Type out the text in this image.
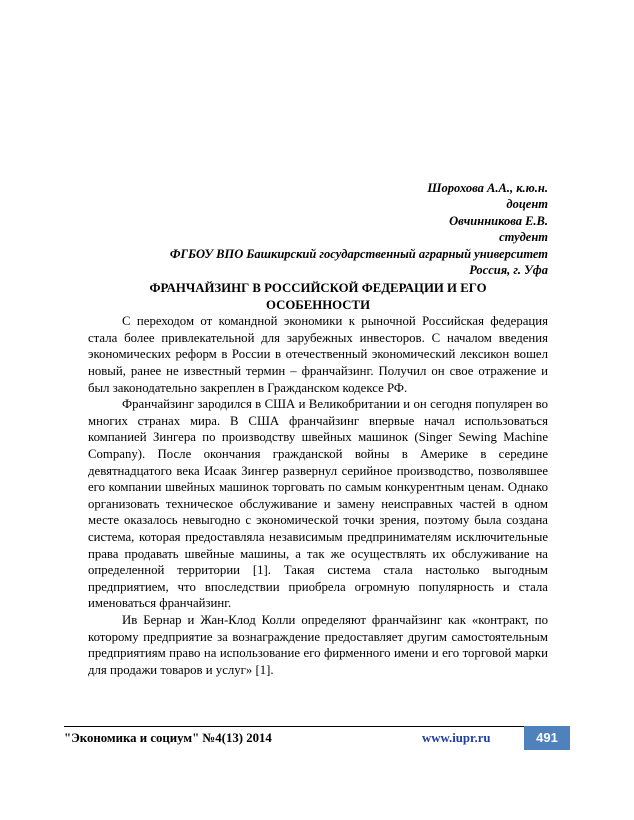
Шорохова А.А., к.ю.н.
доцент
Овчинникова Е.В.
студент
ФГБОУ ВПО Башкирский государственный аграрный университет
Россия, г. Уфа
ФРАНЧАЙЗИНГ В РОССИЙСКОЙ ФЕДЕРАЦИИ И ЕГО
ОСОБЕННОСТИ

С переходом от командной экономики к рыночной Российская федерация стала более привлекательной для зарубежных инвесторов. С началом введения экономических реформ в России в отечественный экономический лексикон вошел новый, ранее не известный термин – франчайзинг. Получил он свое отражение и был законодательно закреплен в Гражданском кодексе РФ.

Франчайзинг зародился в США и Великобритании и он сегодня популярен во многих странах мира. В США франчайзинг впервые начал использоваться компанией Зингера по производству швейных машинок (Singer Sewing Machine Company). После окончания гражданской войны в Америке в середине девятнадцатого века Исаак Зингер развернул серийное производство, позволявшее его компании швейных машинок торговать по самым конкурентным ценам. Однако организовать техническое обслуживание и замену неисправных частей в одном месте оказалось невыгодно с экономической точки зрения, поэтому была создана система, которая предоставляла независимым предпринимателям исключительные права продавать швейные машины, а так же осуществлять их обслуживание на определенной территории [1]. Такая система стала настолько выгодным предприятием, что впоследствии приобрела огромную популярность и стала именоваться франчайзинг.

Ив Бернар и Жан-Клод Колли определяют франчайзинг как «контракт, по которому предприятие за вознаграждение предоставляет другим самостоятельным предприятиям право на использование его фирменного имени и его торговой марки для продажи товаров и услуг» [1].

"Экономика и социум" №4(13) 2014	www.iupr.ru	491
